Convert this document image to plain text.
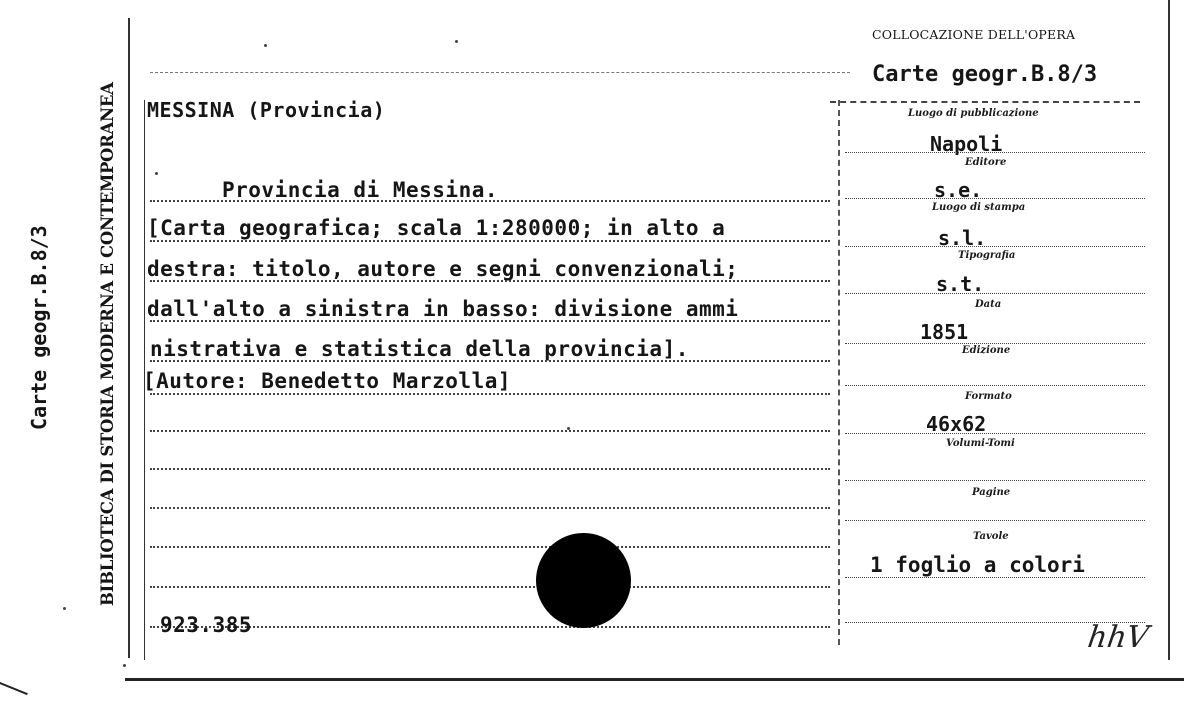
Carte geogr.B.8/3	BIBLIOTECA DI STORIA MODERNA E CONTEMPORANEA
COLLOCAZIONE DELL'OPERA
Carte geogr.B.8/3
MESSINA (Provincia)
Provincia di Messina.
[Carta geografica; scala 1:280000; in alto a
destra: titolo, autore e segni convenzionali;
dall'alto a sinistra in basso: divisione ammi
nistrativa e statistica della provincia].
[Autore: Benedetto Marzolla]
923.385
Luogo di pubblicazione
Napoli
Editore
s.e.
Luogo di stampa
s.l.
Tipografia
s.t.
Data
1851
Edizione
Formato
46x62
Volumi-Tomi
Pagine
Tavole
1 foglio a colori
hhV
